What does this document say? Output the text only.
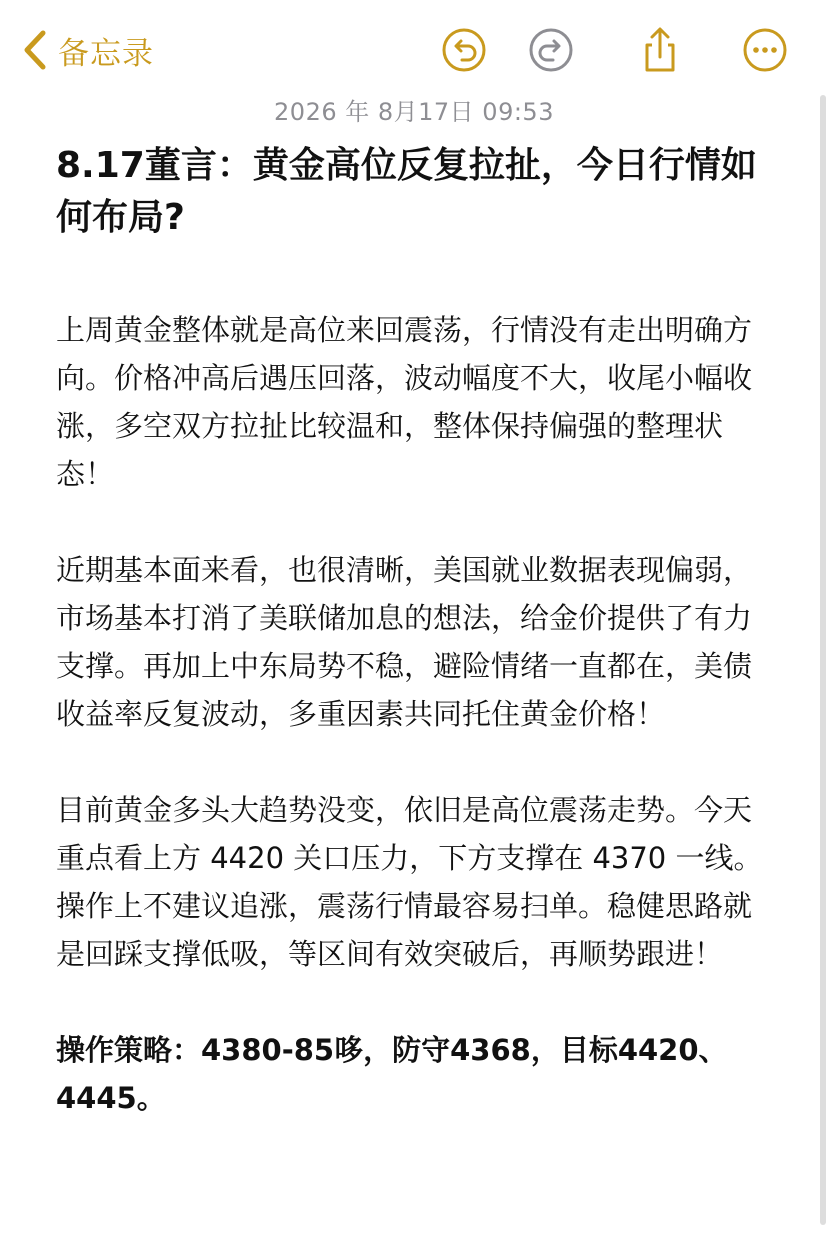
备忘录
2026 年 8月17日 09:53
8.17董言：黄金高位反复拉扯，今日行情如何布局?

上周黄金整体就是高位来回震荡，行情没有走出明确方向。价格冲高后遇压回落，波动幅度不大，收尾小幅收涨，多空双方拉扯比较温和，整体保持偏强的整理状态！

近期基本面来看，也很清晰，美国就业数据表现偏弱，市场基本打消了美联储加息的想法，给金价提供了有力支撑。再加上中东局势不稳，避险情绪一直都在，美债收益率反复波动，多重因素共同托住黄金价格！

目前黄金多头大趋势没变，依旧是高位震荡走势。今天重点看上方 4420 关口压力，下方支撑在 4370 一线。操作上不建议追涨，震荡行情最容易扫单。稳健思路就是回踩支撑低吸，等区间有效突破后，再顺势跟进！

操作策略：4380-85哆，防守4368，目标4420、4445。
